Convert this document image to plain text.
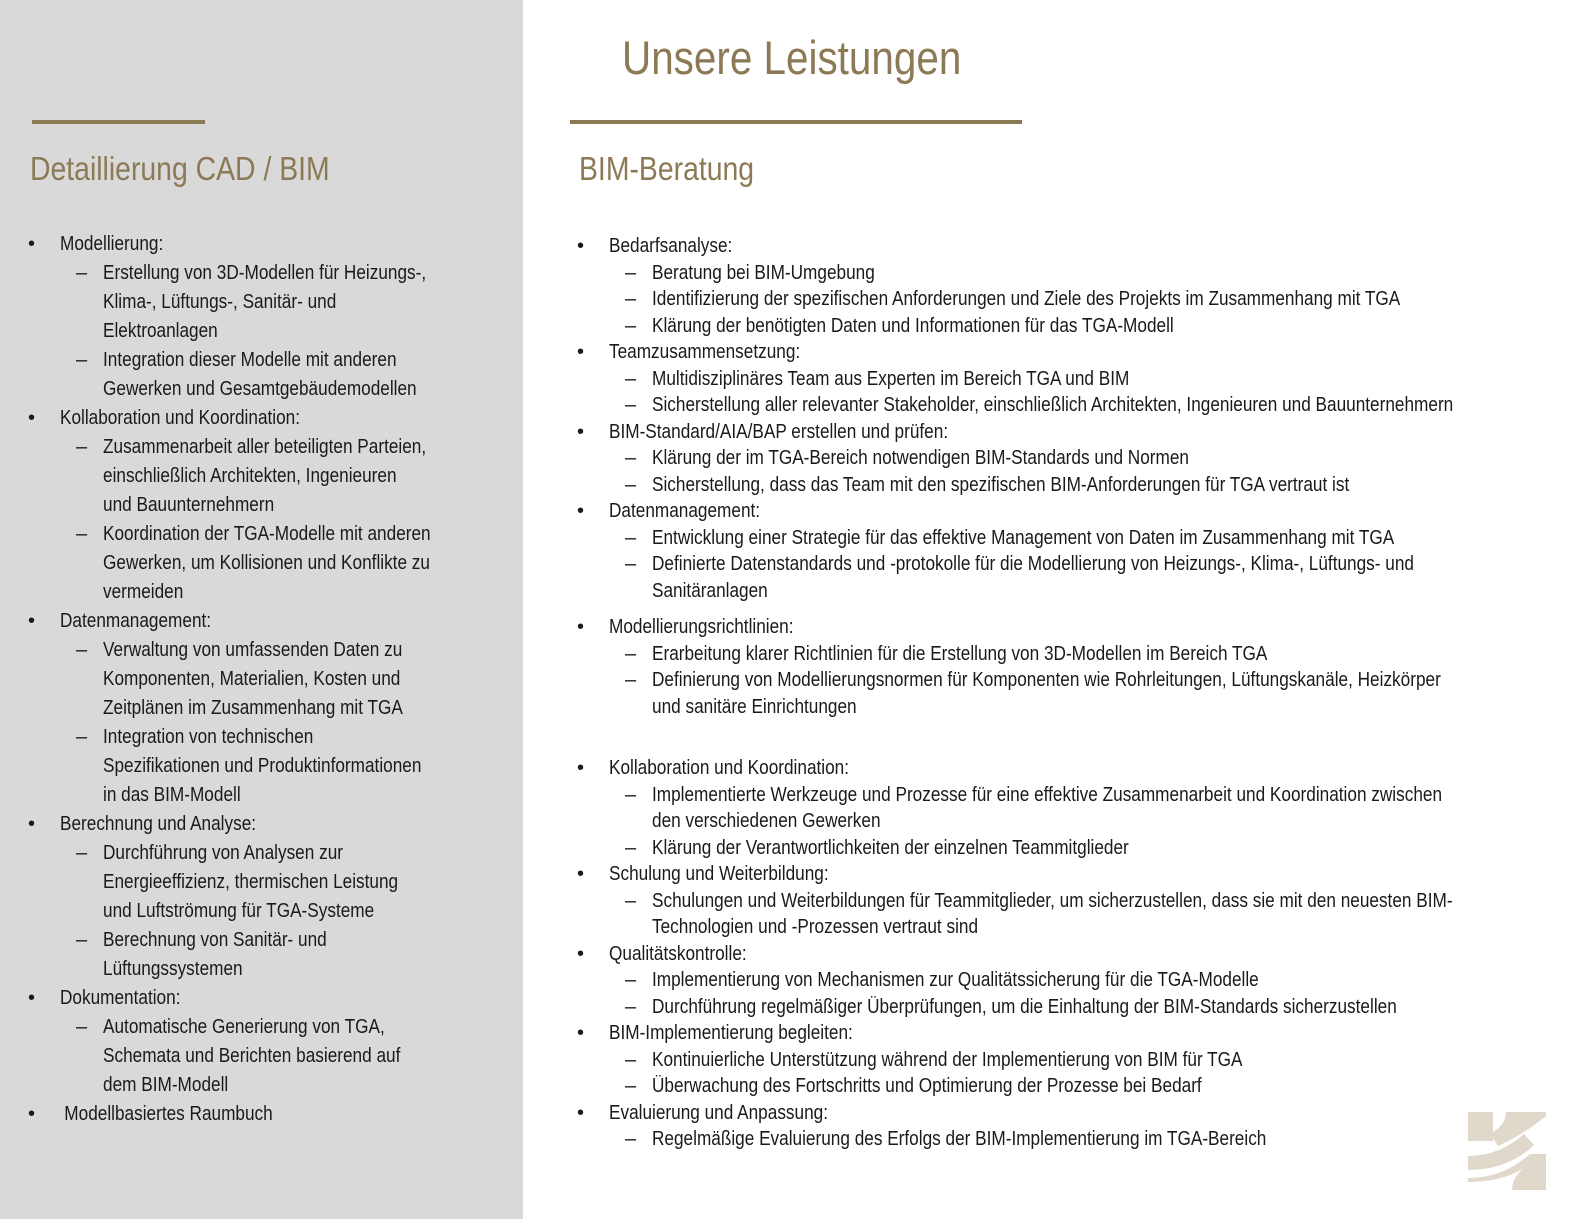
Unsere Leistungen
Detaillierung CAD / BIM	BIM-Beratung
• Modellierung:
– Erstellung von 3D-Modellen für Heizungs-,
Klima-, Lüftungs-, Sanitär- und
Elektroanlagen
– Integration dieser Modelle mit anderen
Gewerken und Gesamtgebäudemodellen
• Kollaboration und Koordination:
– Zusammenarbeit aller beteiligten Parteien,
einschließlich Architekten, Ingenieuren
und Bauunternehmern
– Koordination der TGA-Modelle mit anderen
Gewerken, um Kollisionen und Konflikte zu
vermeiden
• Datenmanagement:
– Verwaltung von umfassenden Daten zu
Komponenten, Materialien, Kosten und
Zeitplänen im Zusammenhang mit TGA
– Integration von technischen
Spezifikationen und Produktinformationen
in das BIM-Modell
• Berechnung und Analyse:
– Durchführung von Analysen zur
Energieeffizienz, thermischen Leistung
und Luftströmung für TGA-Systeme
– Berechnung von Sanitär- und
Lüftungssystemen
• Dokumentation:
– Automatische Generierung von TGA,
Schemata und Berichten basierend auf
dem BIM-Modell
• Modellbasiertes Raumbuch
• Bedarfsanalyse:
– Beratung bei BIM-Umgebung
– Identifizierung der spezifischen Anforderungen und Ziele des Projekts im Zusammenhang mit TGA
– Klärung der benötigten Daten und Informationen für das TGA-Modell
• Teamzusammensetzung:
– Multidisziplinäres Team aus Experten im Bereich TGA und BIM
– Sicherstellung aller relevanter Stakeholder, einschließlich Architekten, Ingenieuren und Bauunternehmern
• BIM-Standard/AIA/BAP erstellen und prüfen:
– Klärung der im TGA-Bereich notwendigen BIM-Standards und Normen
– Sicherstellung, dass das Team mit den spezifischen BIM-Anforderungen für TGA vertraut ist
• Datenmanagement:
– Entwicklung einer Strategie für das effektive Management von Daten im Zusammenhang mit TGA
– Definierte Datenstandards und -protokolle für die Modellierung von Heizungs-, Klima-, Lüftungs- und
Sanitäranlagen
• Modellierungsrichtlinien:
– Erarbeitung klarer Richtlinien für die Erstellung von 3D-Modellen im Bereich TGA
– Definierung von Modellierungsnormen für Komponenten wie Rohrleitungen, Lüftungskanäle, Heizkörper
und sanitäre Einrichtungen
• Kollaboration und Koordination:
– Implementierte Werkzeuge und Prozesse für eine effektive Zusammenarbeit und Koordination zwischen
den verschiedenen Gewerken
– Klärung der Verantwortlichkeiten der einzelnen Teammitglieder
• Schulung und Weiterbildung:
– Schulungen und Weiterbildungen für Teammitglieder, um sicherzustellen, dass sie mit den neuesten BIM-
Technologien und -Prozessen vertraut sind
• Qualitätskontrolle:
– Implementierung von Mechanismen zur Qualitätssicherung für die TGA-Modelle
– Durchführung regelmäßiger Überprüfungen, um die Einhaltung der BIM-Standards sicherzustellen
• BIM-Implementierung begleiten:
– Kontinuierliche Unterstützung während der Implementierung von BIM für TGA
– Überwachung des Fortschritts und Optimierung der Prozesse bei Bedarf
• Evaluierung und Anpassung:
– Regelmäßige Evaluierung des Erfolgs der BIM-Implementierung im TGA-Bereich
